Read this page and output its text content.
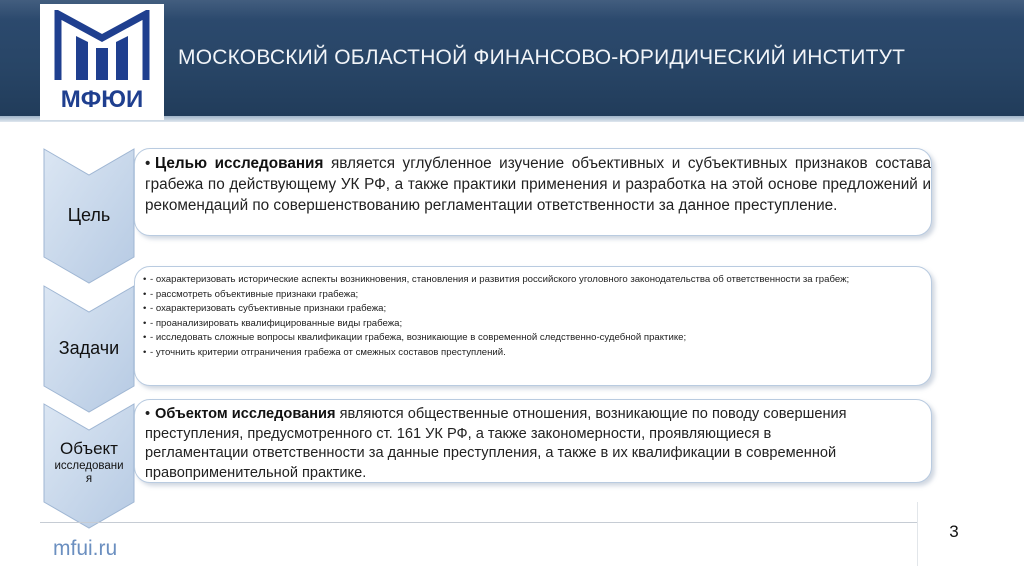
МФЮИ
МОСКОВСКИЙ ОБЛАСТНОЙ ФИНАНСОВО-ЮРИДИЧЕСКИЙ ИНСТИТУТ
Цель
Задачи
Объект
исследовани
я
• Целью исследования является углубленное изучение объективных и субъективных признаков состава грабежа по действующему УК РФ, а также практики применения и разработка на этой основе предложений и рекомендаций по совершенствованию регламентации ответственности за данное преступление.
• - охарактеризовать исторические аспекты возникновения, становления и развития российского уголовного законодательства об ответственности за грабеж;
• - рассмотреть объективные признаки грабежа;
• - охарактеризовать субъективные признаки грабежа;
• - проанализировать квалифицированные виды грабежа;
• - исследовать сложные вопросы квалификации грабежа, возникающие в современной следственно-судебной практике;
• - уточнить критерии отграничения грабежа от смежных составов преступлений.
• Объектом исследования являются общественные отношения, возникающие по поводу совершения преступления, предусмотренного ст. 161 УК РФ, а также закономерности, проявляющиеся в регламентации ответственности за данные преступления, а также в их квалификации в современной правоприменительной практике.
mfui.ru
3
